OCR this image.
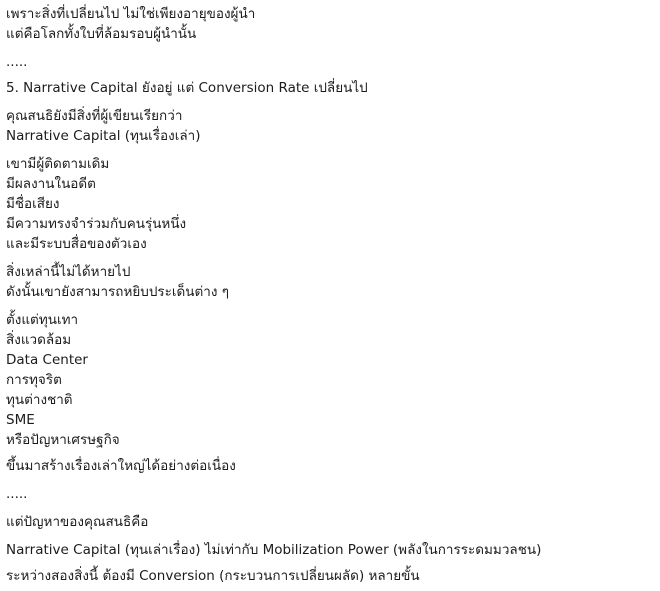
เพราะสิ่งที่เปลี่ยนไป ไม่ใช่เพียงอายุของผู้นำ
แต่คือโลกทั้งใบที่ล้อมรอบผู้นำนั้น
.....
5. Narrative Capital ยังอยู่ แต่ Conversion Rate เปลี่ยนไป
คุณสนธิยังมีสิ่งที่ผู้เขียนเรียกว่า
Narrative Capital (ทุนเรื่องเล่า)
เขามีผู้ติดตามเดิม
มีผลงานในอดีต
มีชื่อเสียง
มีความทรงจำร่วมกับคนรุ่นหนึ่ง
และมีระบบสื่อของตัวเอง
สิ่งเหล่านี้ไม่ได้หายไป
ดังนั้นเขายังสามารถหยิบประเด็นต่าง ๆ
ตั้งแต่ทุนเทา
สิ่งแวดล้อม
Data Center
การทุจริต
ทุนต่างชาติ
SME
หรือปัญหาเศรษฐกิจ
ขึ้นมาสร้างเรื่องเล่าใหญ่ได้อย่างต่อเนื่อง
.....
แต่ปัญหาของคุณสนธิคือ
Narrative Capital (ทุนเล่าเรื่อง) ไม่เท่ากับ Mobilization Power (พลังในการระดมมวลชน)
ระหว่างสองสิ่งนี้ ต้องมี Conversion (กระบวนการเปลี่ยนผลัด) หลายขั้น
